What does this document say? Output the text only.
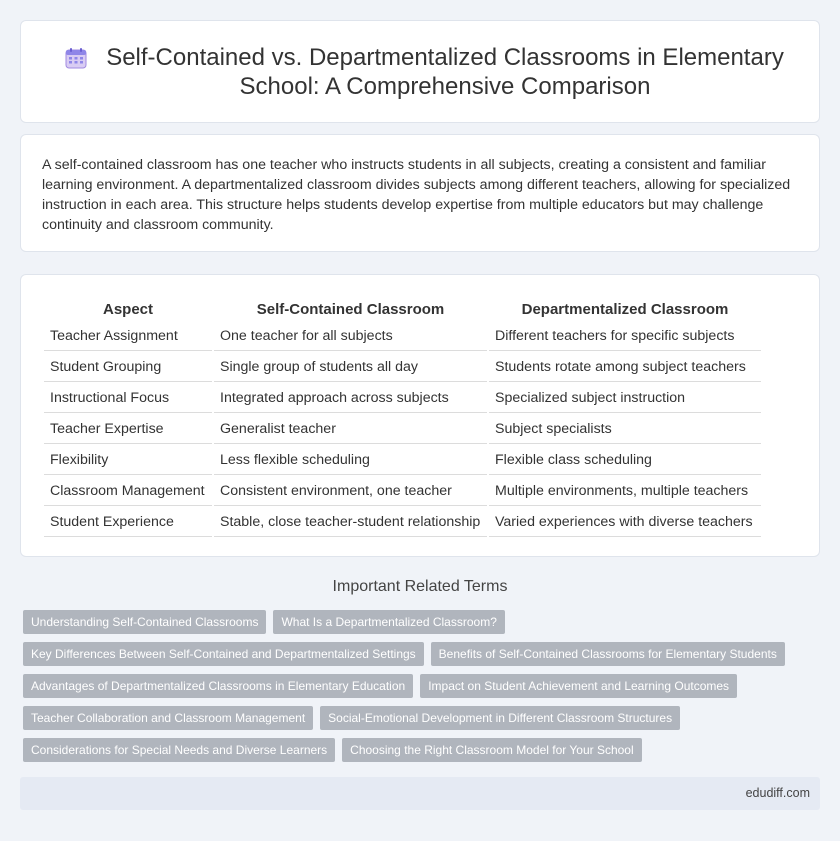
Self-Contained vs. Departmentalized Classrooms in Elementary School: A Comprehensive Comparison

A self-contained classroom has one teacher who instructs students in all subjects, creating a consistent and familiar learning environment. A departmentalized classroom divides subjects among different teachers, allowing for specialized instruction in each area. This structure helps students develop expertise from multiple educators but may challenge continuity and classroom community.

Aspect	Self-Contained Classroom	Departmentalized Classroom
Teacher Assignment	One teacher for all subjects	Different teachers for specific subjects
Student Grouping	Single group of students all day	Students rotate among subject teachers
Instructional Focus	Integrated approach across subjects	Specialized subject instruction
Teacher Expertise	Generalist teacher	Subject specialists
Flexibility	Less flexible scheduling	Flexible class scheduling
Classroom Management	Consistent environment, one teacher	Multiple environments, multiple teachers
Student Experience	Stable, close teacher-student relationship	Varied experiences with diverse teachers
Important Related Terms
Understanding Self-Contained Classrooms	What Is a Departmentalized Classroom?
Key Differences Between Self-Contained and Departmentalized Settings	Benefits of Self-Contained Classrooms for Elementary Students
Advantages of Departmentalized Classrooms in Elementary Education	Impact on Student Achievement and Learning Outcomes
Teacher Collaboration and Classroom Management	Social-Emotional Development in Different Classroom Structures
Considerations for Special Needs and Diverse Learners	Choosing the Right Classroom Model for Your School
edudiff.com
